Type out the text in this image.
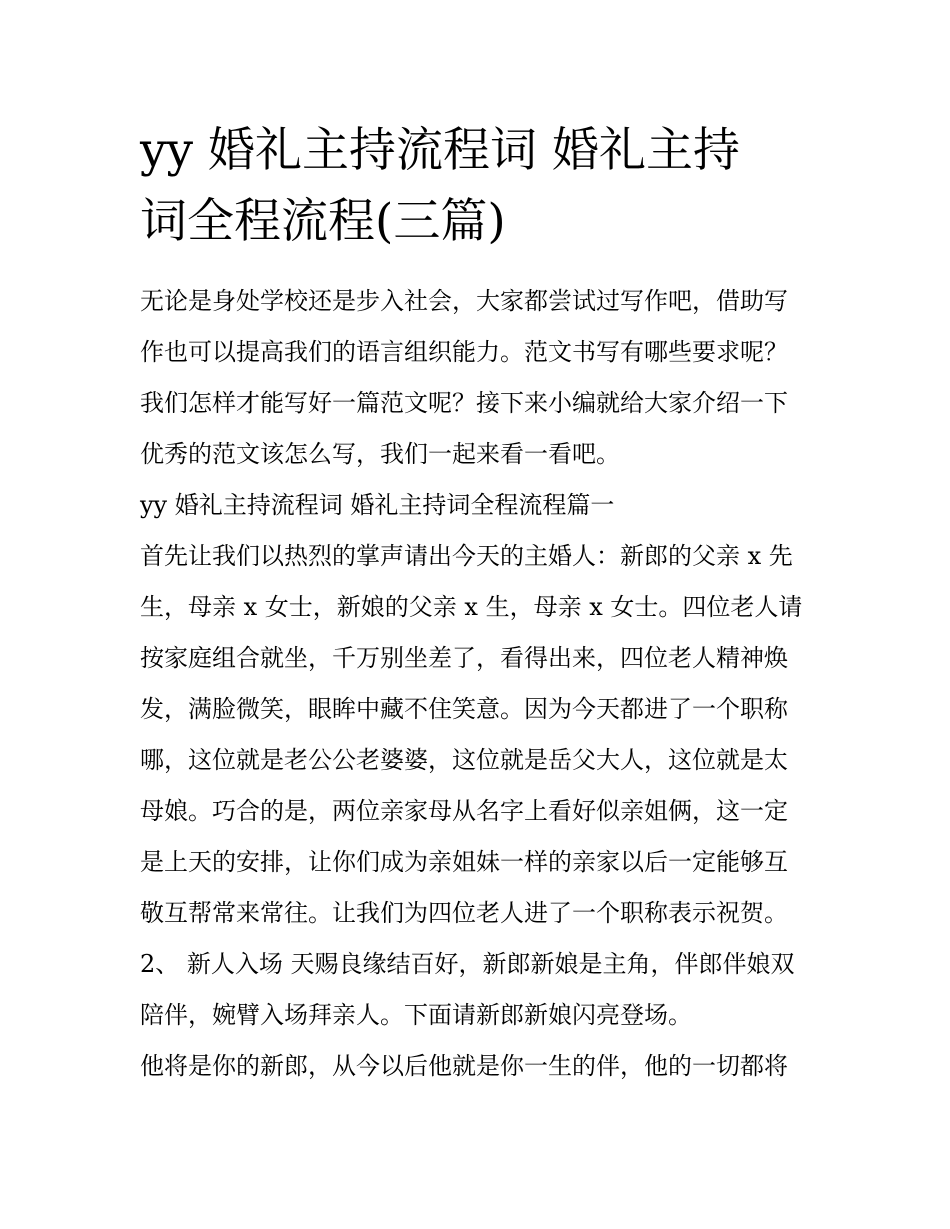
yy 婚礼主持流程词 婚礼主持
词全程流程(三篇)
无论是身处学校还是步入社会，大家都尝试过写作吧，借助写
作也可以提高我们的语言组织能力。范文书写有哪些要求呢？
我们怎样才能写好一篇范文呢？接下来小编就给大家介绍一下
优秀的范文该怎么写，我们一起来看一看吧。
yy 婚礼主持流程词 婚礼主持词全程流程篇一
首先让我们以热烈的掌声请出今天的主婚人：新郎的父亲 x 先
生，母亲 x 女士，新娘的父亲 x 生，母亲 x 女士。四位老人请
按家庭组合就坐，千万别坐差了，看得出来，四位老人精神焕
发，满脸微笑，眼眸中藏不住笑意。因为今天都进了一个职称
哪，这位就是老公公老婆婆，这位就是岳父大人，这位就是太
母娘。巧合的是，两位亲家母从名字上看好似亲姐俩，这一定
是上天的安排，让你们成为亲姐妹一样的亲家以后一定能够互
敬互帮常来常往。让我们为四位老人进了一个职称表示祝贺。
2、 新人入场 天赐良缘结百好，新郎新娘是主角，伴郎伴娘双
陪伴，婉臂入场拜亲人。下面请新郎新娘闪亮登场。
他将是你的新郎，从今以后他就是你一生的伴，他的一切都将
